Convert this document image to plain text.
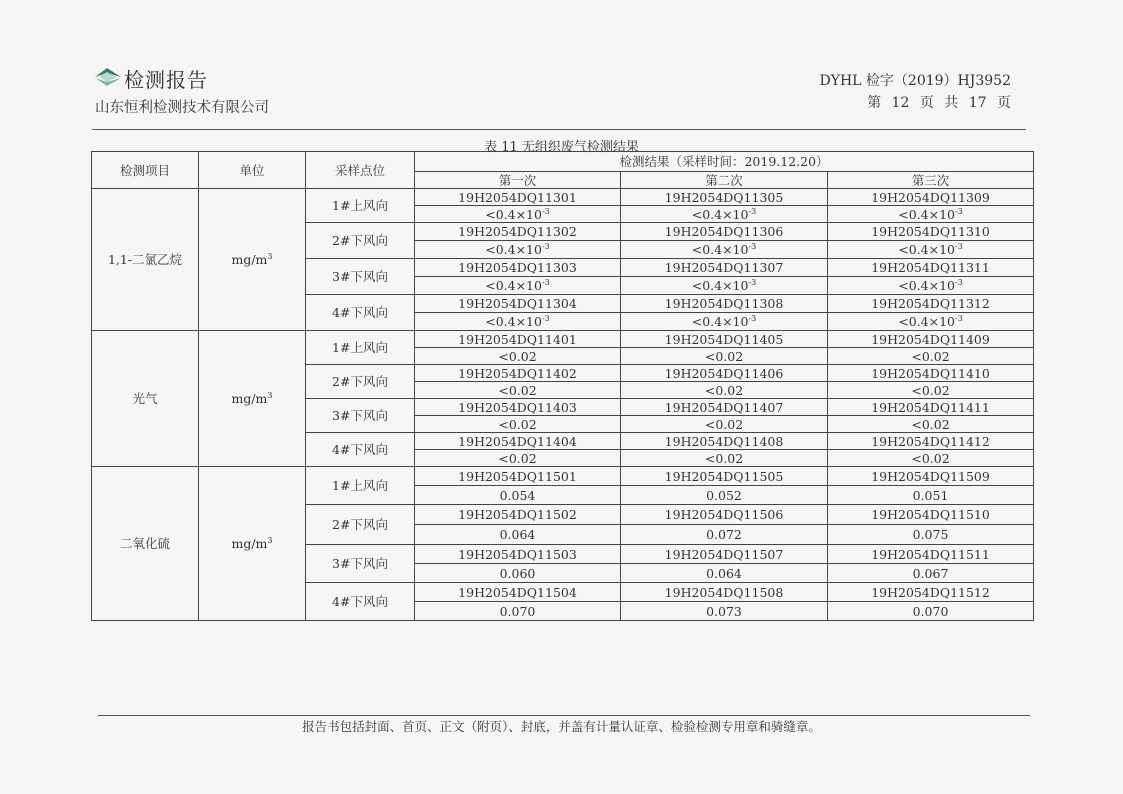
检测报告
山东恒利检测技术有限公司
DYHL 检字（2019）HJ3952
第 12 页 共 17 页
表 11 无组织废气检测结果
检测项目	单位	采样点位	检测结果（采样时间：2019.12.20）		
			第一次	第二次	第三次
1,1-二氯乙烷	$mg/m^3$	1#上风向	19H2054DQ11301	19H2054DQ11305	19H2054DQ11309
			$<0.4\times 10^{-3}$	$<0.4\times 10^{-3}$	$<0.4\times 10^{-3}$
		2#下风向	19H2054DQ11302	19H2054DQ11306	19H2054DQ11310
			$<0.4\times 10^{-3}$	$<0.4\times 10^{-3}$	$<0.4\times 10^{-3}$
		3#下风向	19H2054DQ11303	19H2054DQ11307	19H2054DQ11311
			$<0.4\times 10^{-3}$	$<0.4\times 10^{-3}$	$<0.4\times 10^{-3}$
		4#下风向	19H2054DQ11304	19H2054DQ11308	19H2054DQ11312
			$<0.4\times 10^{-3}$	$<0.4\times 10^{-3}$	$<0.4\times 10^{-3}$
光气	$mg/m^3$	1#上风向	19H2054DQ11401	19H2054DQ11405	19H2054DQ11409
			<0.02	<0.02	<0.02
		2#下风向	19H2054DQ11402	19H2054DQ11406	19H2054DQ11410
			<0.02	<0.02	<0.02
		3#下风向	19H2054DQ11403	19H2054DQ11407	19H2054DQ11411
			<0.02	<0.02	<0.02
		4#下风向	19H2054DQ11404	19H2054DQ11408	19H2054DQ11412
			<0.02	<0.02	<0.02
二氧化硫	$mg/m^3$	1#上风向	19H2054DQ11501	19H2054DQ11505	19H2054DQ11509
			0.054	0.052	0.051
		2#下风向	19H2054DQ11502	19H2054DQ11506	19H2054DQ11510
			0.064	0.072	0.075
		3#下风向	19H2054DQ11503	19H2054DQ11507	19H2054DQ11511
			0.060	0.064	0.067
		4#下风向	19H2054DQ11504	19H2054DQ11508	19H2054DQ11512
			0.070	0.073	0.070
报告书包括封面、首页、正文（附页）、封底，并盖有计量认证章、检验检测专用章和骑缝章。
